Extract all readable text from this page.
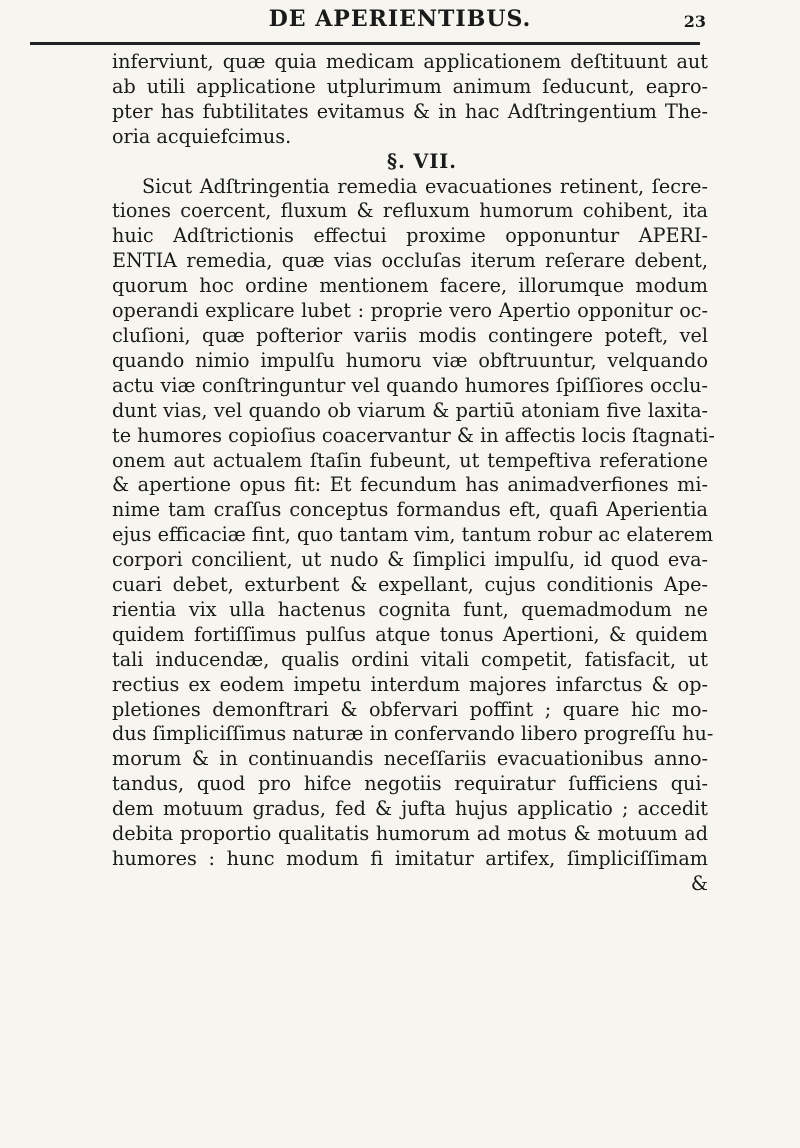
DE APERIENTIBUS.	23
inferviunt, quæ quia medicam applicationem deſtituunt aut
ab utili applicatione utplurimum animum ſeducunt, eapro-
pter has fubtilitates evitamus & in hac Adſtringentium The-
oria acquiefcimus.
§. VII.
Sicut Adſtringentia remedia evacuationes retinent, ſecre-
tiones coercent, fluxum & refluxum humorum cohibent, ita
huic Adſtrictionis effectui proxime opponuntur APERI-
ENTIA remedia, quæ vias occluſas iterum reſerare debent,
quorum hoc ordine mentionem facere, illorumque modum
operandi explicare lubet : proprie vero Apertio opponitur oc-
cluſioni, quæ pofterior variis modis contingere poteft, vel
quando nimio impulſu humoru viæ obftruuntur, velquando
actu viæ conſtringuntur vel quando humores ſpiſſiores occlu-
dunt vias, vel quando ob viarum & partiū atoniam five laxita-
te humores copioſius coacervantur & in affectis locis ſtagnati-
onem aut actualem ſtaſin fubeunt, ut tempeftiva referatione
& apertione opus fit: Et fecundum has animadverfiones mi-
nime tam craſſus conceptus formandus eft, quafi Aperientia
ejus efficaciæ fint, quo tantam vim, tantum robur ac elaterem
corpori concilient, ut nudo & ſimplici impulſu, id quod eva-
cuari debet, exturbent & expellant, cujus conditionis Ape-
rientia vix ulla hactenus cognita funt, quemadmodum ne
quidem fortiſſimus pulſus atque tonus Apertioni, & quidem
tali inducendæ, qualis ordini vitali competit, fatisfacit, ut
rectius ex eodem impetu interdum majores infarctus & op-
pletiones demonftrari & obfervari poffint ; quare hic mo-
dus ſimpliciſſimus naturæ in confervando libero progreſſu hu-
morum & in continuandis neceſſariis evacuationibus anno-
tandus, quod pro hifce negotiis requiratur ſufficiens qui-
dem motuum gradus, fed & jufta hujus applicatio ; accedit
debita proportio qualitatis humorum ad motus & motuum ad
humores : hunc modum fi imitatur artifex, ſimpliciſſimam
&
